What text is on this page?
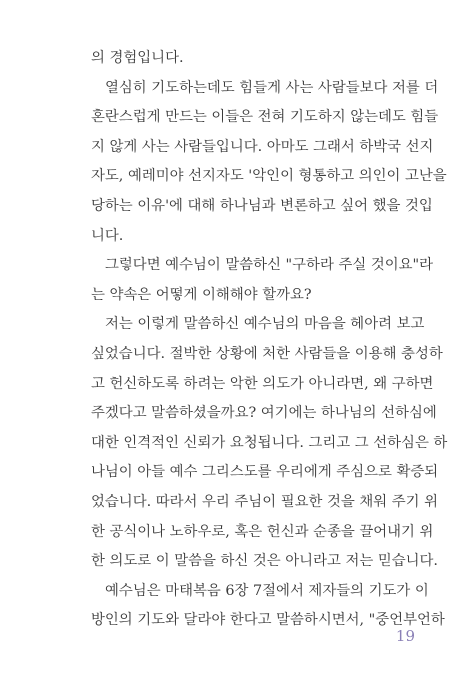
의 경험입니다.
열심히 기도하는데도 힘들게 사는 사람들보다 저를 더
혼란스럽게 만드는 이들은 전혀 기도하지 않는데도 힘들
지 않게 사는 사람들입니다. 아마도 그래서 하박국 선지
자도, 예레미야 선지자도 '악인이 형통하고 의인이 고난을
당하는 이유'에 대해 하나님과 변론하고 싶어 했을 것입
니다.
그렇다면 예수님이 말씀하신 "구하라 주실 것이요"라
는 약속은 어떻게 이해해야 할까요?
저는 이렇게 말씀하신 예수님의 마음을 헤아려 보고
싶었습니다. 절박한 상황에 처한 사람들을 이용해 충성하
고 헌신하도록 하려는 악한 의도가 아니라면, 왜 구하면
주겠다고 말씀하셨을까요? 여기에는 하나님의 선하심에
대한 인격적인 신뢰가 요청됩니다. 그리고 그 선하심은 하
나님이 아들 예수 그리스도를 우리에게 주심으로 확증되
었습니다. 따라서 우리 주님이 필요한 것을 채워 주기 위
한 공식이나 노하우로, 혹은 헌신과 순종을 끌어내기 위
한 의도로 이 말씀을 하신 것은 아니라고 저는 믿습니다.
예수님은 마태복음 6장 7절에서 제자들의 기도가 이
방인의 기도와 달라야 한다고 말씀하시면서, "중언부언하
19
